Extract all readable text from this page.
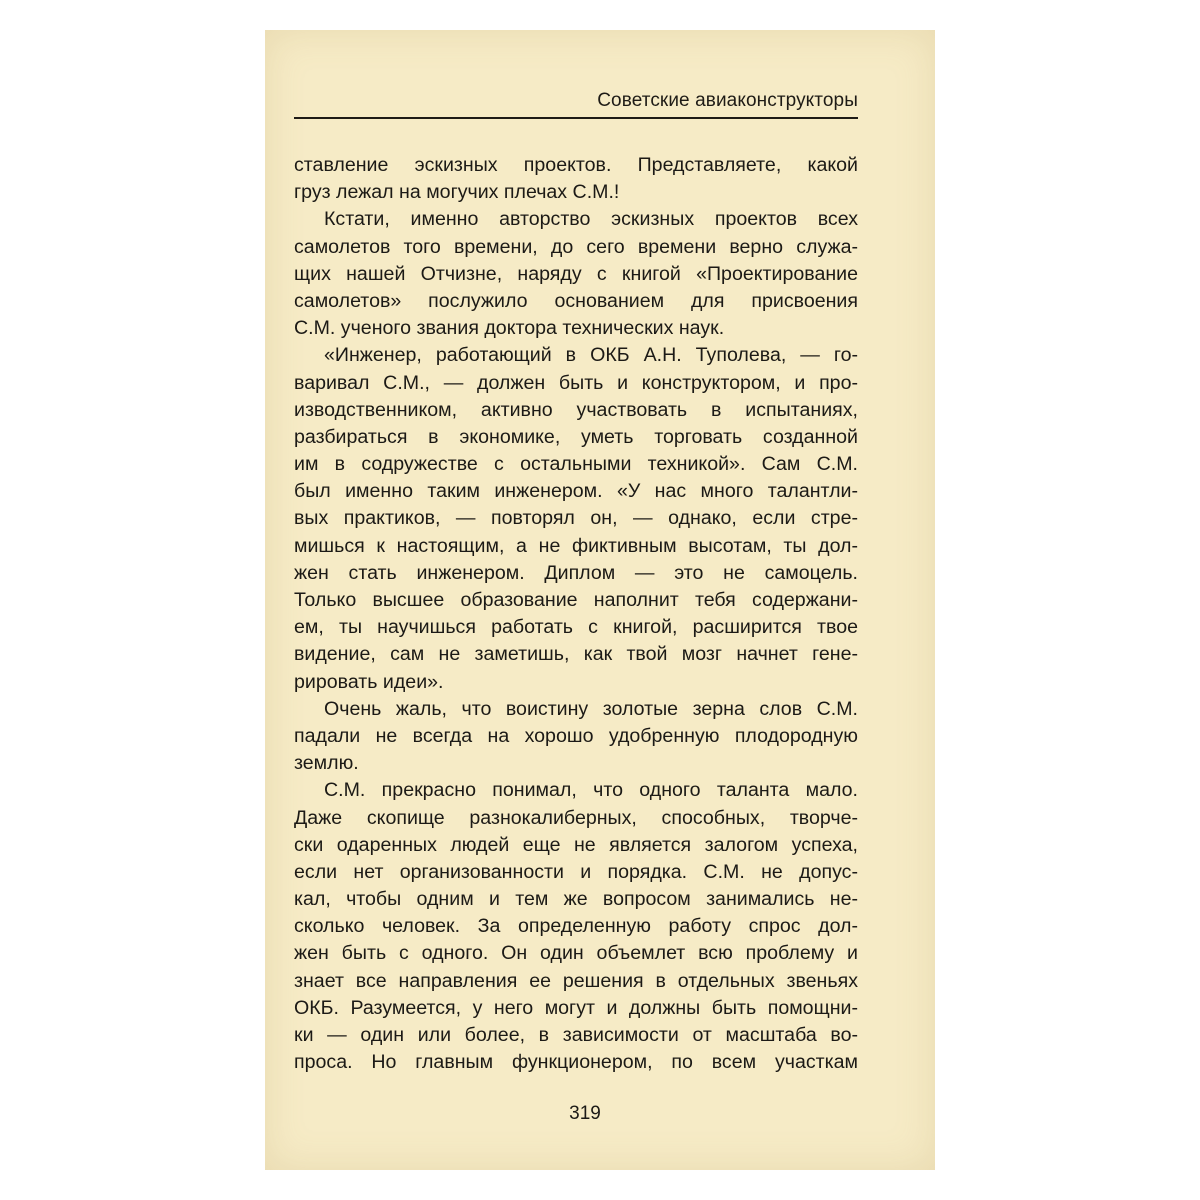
Советские авиаконструкторы
ставление эскизных проектов. Представляете, какой
груз лежал на могучих плечах С.М.!
Кстати, именно авторство эскизных проектов всех
самолетов того времени, до сего времени верно служа-
щих нашей Отчизне, наряду с книгой «Проектирование
самолетов» послужило основанием для присвоения
С.М. ученого звания доктора технических наук.
«Инженер, работающий в ОКБ А.Н. Туполева, — го-
варивал С.М., — должен быть и конструктором, и про-
изводственником, активно участвовать в испытаниях,
разбираться в экономике, уметь торговать созданной
им в содружестве с остальными техникой». Сам С.М.
был именно таким инженером. «У нас много талантли-
вых практиков, — повторял он, — однако, если стре-
мишься к настоящим, а не фиктивным высотам, ты дол-
жен стать инженером. Диплом — это не самоцель.
Только высшее образование наполнит тебя содержани-
ем, ты научишься работать с книгой, расширится твое
видение, сам не заметишь, как твой мозг начнет гене-
рировать идеи».
Очень жаль, что воистину золотые зерна слов С.М.
падали не всегда на хорошо удобренную плодородную
землю.
С.М. прекрасно понимал, что одного таланта мало.
Даже скопище разнокалиберных, способных, творче-
ски одаренных людей еще не является залогом успеха,
если нет организованности и порядка. С.М. не допус-
кал, чтобы одним и тем же вопросом занимались не-
сколько человек. За определенную работу спрос дол-
жен быть с одного. Он один объемлет всю проблему и
знает все направления ее решения в отдельных звеньях
ОКБ. Разумеется, у него могут и должны быть помощни-
ки — один или более, в зависимости от масштаба во-
проса. Но главным функционером, по всем участкам
319
